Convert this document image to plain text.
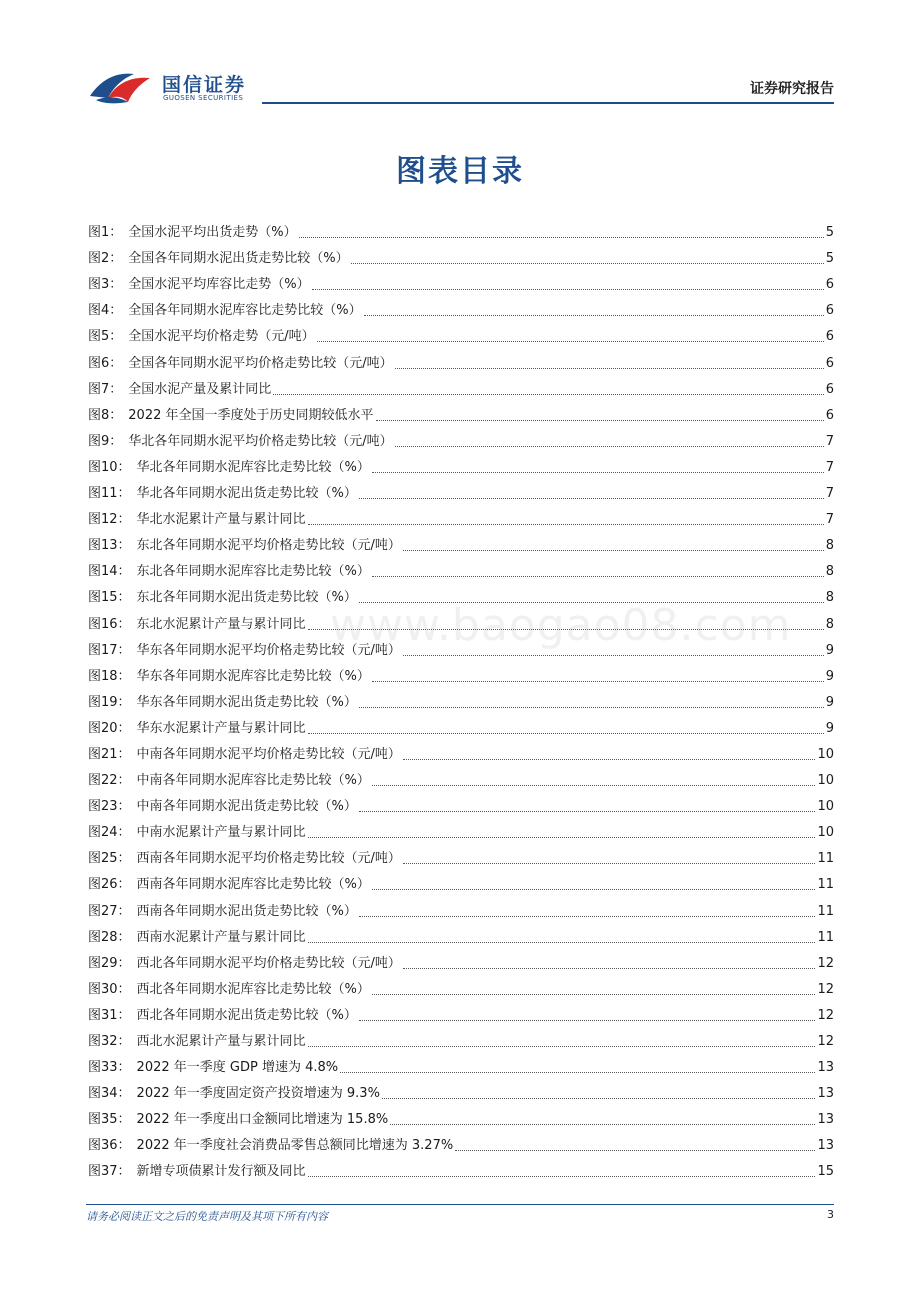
国信证券
GUOSEN SECURITIES
证券研究报告
图表目录
图1： 全国水泥平均出货走势（%）	5
图2： 全国各年同期水泥出货走势比较（%）	5
图3： 全国水泥平均库容比走势（%）	6
图4： 全国各年同期水泥库容比走势比较（%）	6
图5： 全国水泥平均价格走势（元/吨）	6
图6： 全国各年同期水泥平均价格走势比较（元/吨）	6
图7： 全国水泥产量及累计同比	6
图8： 2022 年全国一季度处于历史同期较低水平	6
图9： 华北各年同期水泥平均价格走势比较（元/吨）	7
图10： 华北各年同期水泥库容比走势比较（%）	7
图11： 华北各年同期水泥出货走势比较（%）	7
图12： 华北水泥累计产量与累计同比	7
图13： 东北各年同期水泥平均价格走势比较（元/吨）	8
图14： 东北各年同期水泥库容比走势比较（%）	8
图15： 东北各年同期水泥出货走势比较（%）	8
图16： 东北水泥累计产量与累计同比	8
图17： 华东各年同期水泥平均价格走势比较（元/吨）	9
图18： 华东各年同期水泥库容比走势比较（%）	9
图19： 华东各年同期水泥出货走势比较（%）	9
图20： 华东水泥累计产量与累计同比	9
图21： 中南各年同期水泥平均价格走势比较（元/吨）	10
图22： 中南各年同期水泥库容比走势比较（%）	10
图23： 中南各年同期水泥出货走势比较（%）	10
图24： 中南水泥累计产量与累计同比	10
图25： 西南各年同期水泥平均价格走势比较（元/吨）	11
图26： 西南各年同期水泥库容比走势比较（%）	11
图27： 西南各年同期水泥出货走势比较（%）	11
图28： 西南水泥累计产量与累计同比	11
图29： 西北各年同期水泥平均价格走势比较（元/吨）	12
图30： 西北各年同期水泥库容比走势比较（%）	12
图31： 西北各年同期水泥出货走势比较（%）	12
图32： 西北水泥累计产量与累计同比	12
图33： 2022 年一季度 GDP 增速为 4.8%	13
图34： 2022 年一季度固定资产投资增速为 9.3%	13
图35： 2022 年一季度出口金额同比增速为 15.8%	13
图36： 2022 年一季度社会消费品零售总额同比增速为 3.27%	13
图37： 新增专项债累计发行额及同比	15
www.baogao08.com
请务必阅读正文之后的免责声明及其项下所有内容	3
